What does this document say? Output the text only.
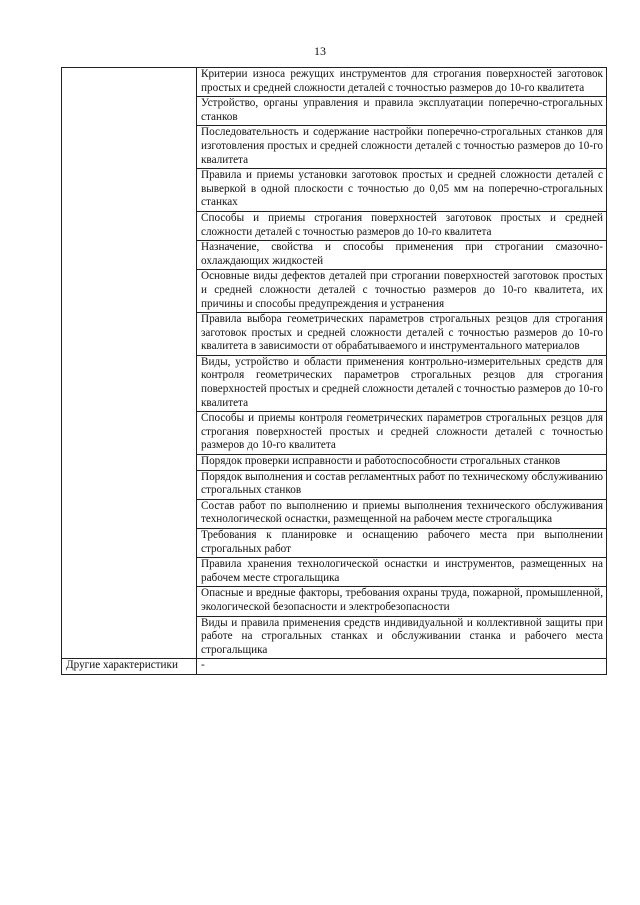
13

	Критерии износа режущих инструментов для строгания поверхностей заготовок простых и средней сложности деталей с точностью размеров до 10-го квалитета

	Устройство, органы управления и правила эксплуатации поперечно-строгальных станков

	Последовательность и содержание настройки поперечно-строгальных станков для изготовления простых и средней сложности деталей с точностью размеров до 10-го квалитета

	Правила и приемы установки заготовок простых и средней сложности деталей с выверкой в одной плоскости с точностью до 0,05 мм на поперечно-строгальных станках

	Способы и приемы строгания поверхностей заготовок простых и средней сложности деталей с точностью размеров до 10-го квалитета

	Назначение, свойства и способы применения при строгании смазочно-охлаждающих жидкостей

	Основные виды дефектов деталей при строгании поверхностей заготовок простых и средней сложности деталей с точностью размеров до 10-го квалитета, их причины и способы предупреждения и устранения

	Правила выбора геометрических параметров строгальных резцов для строгания заготовок простых и средней сложности деталей с точностью размеров до 10-го квалитета в зависимости от обрабатываемого и инструментального материалов

	Виды, устройство и области применения контрольно-измерительных средств для контроля геометрических параметров строгальных резцов для строгания поверхностей простых и средней сложности деталей с точностью размеров до 10-го квалитета

	Способы и приемы контроля геометрических параметров строгальных резцов для строгания поверхностей простых и средней сложности деталей с точностью размеров до 10-го квалитета

	Порядок проверки исправности и работоспособности строгальных станков

	Порядок выполнения и состав регламентных работ по техническому обслуживанию строгальных станков

	Состав работ по выполнению и приемы выполнения технического обслуживания технологической оснастки, размещенной на рабочем месте строгальщика

	Требования к планировке и оснащению рабочего места при выполнении строгальных работ

	Правила хранения технологической оснастки и инструментов, размещенных на рабочем месте строгальщика

	Опасные и вредные факторы, требования охраны труда, пожарной, промышленной, экологической безопасности и электробезопасности

	Виды и правила применения средств индивидуальной и коллективной защиты при работе на строгальных станках и обслуживании станка и рабочего места строгальщика

Другие характеристики	-
